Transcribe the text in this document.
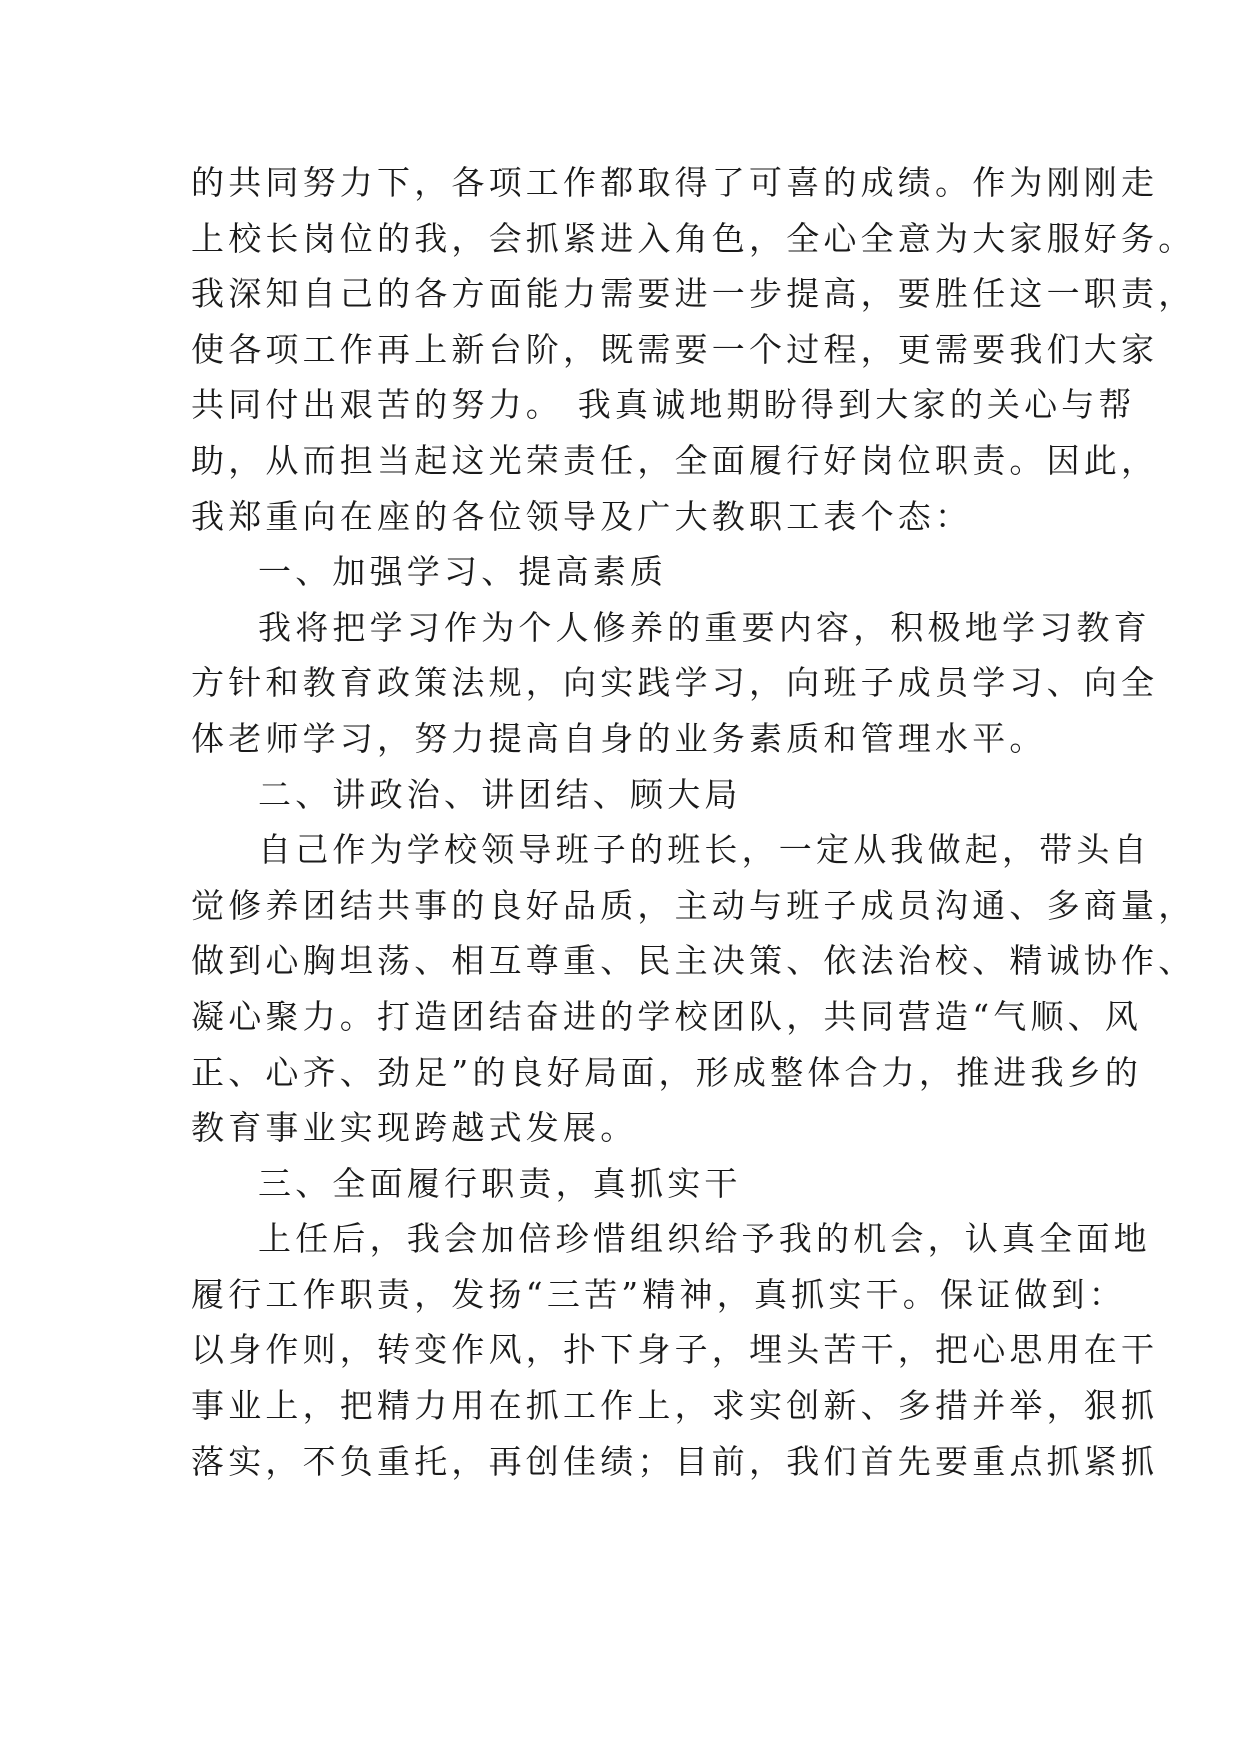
的共同努力下，各项工作都取得了可喜的成绩。作为刚刚走
上校长岗位的我，会抓紧进入角色，全心全意为大家服好务。
我深知自己的各方面能力需要进一步提高，要胜任这一职责，
使各项工作再上新台阶，既需要一个过程，更需要我们大家
共同付出艰苦的努力。 我真诚地期盼得到大家的关心与帮
助，从而担当起这光荣责任，全面履行好岗位职责。因此，
我郑重向在座的各位领导及广大教职工表个态：
一、加强学习、提高素质
我将把学习作为个人修养的重要内容，积极地学习教育
方针和教育政策法规，向实践学习，向班子成员学习、向全
体老师学习，努力提高自身的业务素质和管理水平。
二、讲政治、讲团结、顾大局
自己作为学校领导班子的班长，一定从我做起，带头自
觉修养团结共事的良好品质，主动与班子成员沟通、多商量，
做到心胸坦荡、相互尊重、民主决策、依法治校、精诚协作、
凝心聚力。打造团结奋进的学校团队，共同营造“气顺、风
正、心齐、劲足”的良好局面，形成整体合力，推进我乡的
教育事业实现跨越式发展。
三、全面履行职责，真抓实干
上任后，我会加倍珍惜组织给予我的机会，认真全面地
履行工作职责，发扬“三苦”精神，真抓实干。保证做到：
以身作则，转变作风，扑下身子，埋头苦干，把心思用在干
事业上，把精力用在抓工作上，求实创新、多措并举，狠抓
落实，不负重托，再创佳绩；目前，我们首先要重点抓紧抓
